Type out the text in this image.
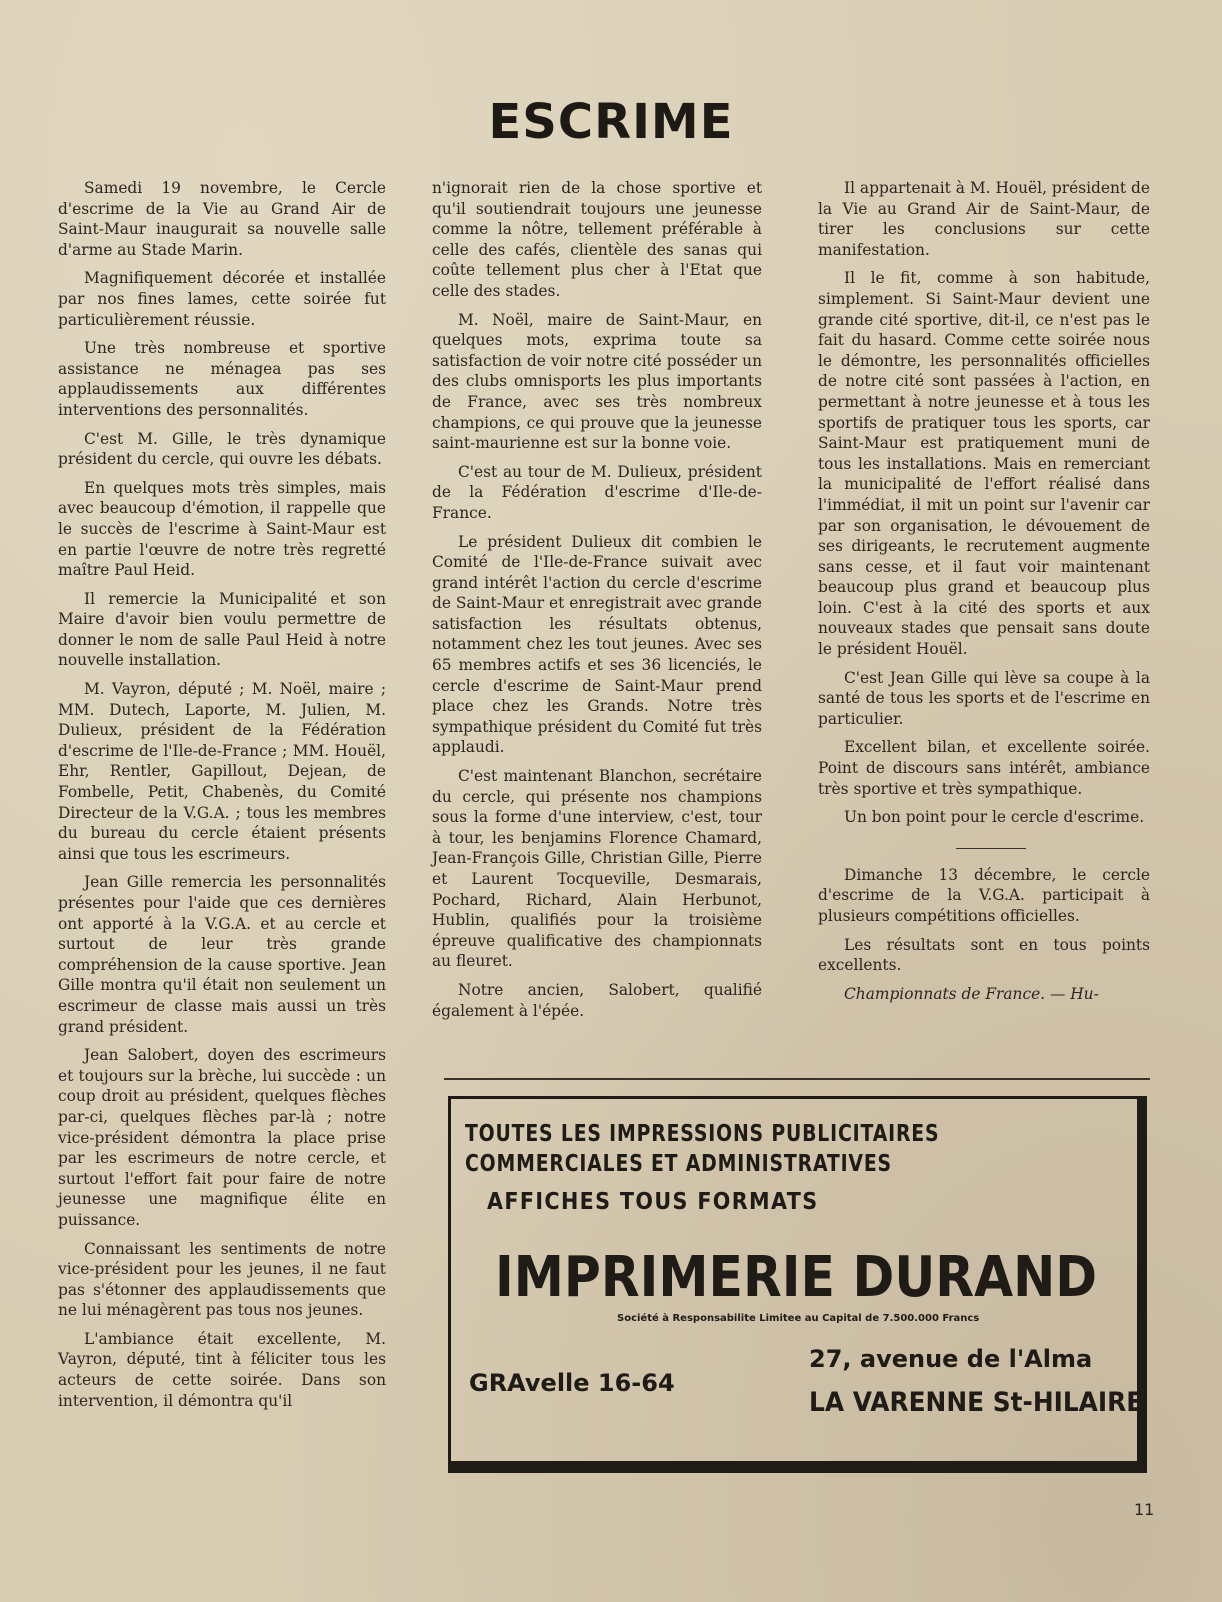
ESCRIME

Samedi 19 novembre, le Cercle d'escrime de la Vie au Grand Air de Saint-Maur inaugurait sa nouvelle salle d'arme au Stade Marin.

Magnifiquement décorée et installée par nos fines lames, cette soirée fut particulièrement réussie.

Une très nombreuse et sportive assistance ne ménagea pas ses applaudissements aux différentes interventions des personnalités.

C'est M. Gille, le très dynamique président du cercle, qui ouvre les débats.

En quelques mots très simples, mais avec beaucoup d'émotion, il rappelle que le succès de l'escrime à Saint-Maur est en partie l'œuvre de notre très regretté maître Paul Heid.

Il remercie la Municipalité et son Maire d'avoir bien voulu permettre de donner le nom de salle Paul Heid à notre nouvelle installation.

M. Vayron, député ; M. Noël, maire ; MM. Dutech, Laporte, M. Julien, M. Dulieux, président de la Fédération d'escrime de l'Ile-de-France ; MM. Houël, Ehr, Rentler, Gapillout, Dejean, de Fombelle, Petit, Chabenès, du Comité Directeur de la V.G.A. ; tous les membres du bureau du cercle étaient présents ainsi que tous les escrimeurs.

Jean Gille remercia les personnalités présentes pour l'aide que ces dernières ont apporté à la V.G.A. et au cercle et surtout de leur très grande compréhension de la cause sportive. Jean Gille montra qu'il était non seulement un escrimeur de classe mais aussi un très grand président.

Jean Salobert, doyen des escrimeurs et toujours sur la brèche, lui succède : un coup droit au président, quelques flèches par-ci, quelques flèches par-là ; notre vice-président démontra la place prise par les escrimeurs de notre cercle, et surtout l'effort fait pour faire de notre jeunesse une magnifique élite en puissance.

Connaissant les sentiments de notre vice-président pour les jeunes, il ne faut pas s'étonner des applaudissements que ne lui ménagèrent pas tous nos jeunes.

L'ambiance était excellente, M. Vayron, député, tint à féliciter tous les acteurs de cette soirée. Dans son intervention, il démontra qu'il

n'ignorait rien de la chose sportive et qu'il soutiendrait toujours une jeunesse comme la nôtre, tellement préférable à celle des cafés, clientèle des sanas qui coûte tellement plus cher à l'Etat que celle des stades.

M. Noël, maire de Saint-Maur, en quelques mots, exprima toute sa satisfaction de voir notre cité posséder un des clubs omnisports les plus importants de France, avec ses très nombreux champions, ce qui prouve que la jeunesse saint-maurienne est sur la bonne voie.

C'est au tour de M. Dulieux, président de la Fédération d'escrime d'Ile-de-France.

Le président Dulieux dit combien le Comité de l'Ile-de-France suivait avec grand intérêt l'action du cercle d'escrime de Saint-Maur et enregistrait avec grande satisfaction les résultats obtenus, notamment chez les tout jeunes. Avec ses 65 membres actifs et ses 36 licenciés, le cercle d'escrime de Saint-Maur prend place chez les Grands. Notre très sympathique président du Comité fut très applaudi.

C'est maintenant Blanchon, secrétaire du cercle, qui présente nos champions sous la forme d'une interview, c'est, tour à tour, les benjamins Florence Chamard, Jean-François Gille, Christian Gille, Pierre et Laurent Tocqueville, Desmarais, Pochard, Richard, Alain Herbunot, Hublin, qualifiés pour la troisième épreuve qualificative des championnats au fleuret.

Notre ancien, Salobert, qualifié également à l'épée.

Il appartenait à M. Houël, président de la Vie au Grand Air de Saint-Maur, de tirer les conclusions sur cette manifestation.

Il le fit, comme à son habitude, simplement. Si Saint-Maur devient une grande cité sportive, dit-il, ce n'est pas le fait du hasard. Comme cette soirée nous le démontre, les personnalités officielles de notre cité sont passées à l'action, en permettant à notre jeunesse et à tous les sportifs de pratiquer tous les sports, car Saint-Maur est pratiquement muni de tous les installations. Mais en remerciant la municipalité de l'effort réalisé dans l'immédiat, il mit un point sur l'avenir car par son organisation, le dévouement de ses dirigeants, le recrutement augmente sans cesse, et il faut voir maintenant beaucoup plus grand et beaucoup plus loin. C'est à la cité des sports et aux nouveaux stades que pensait sans doute le président Houël.

C'est Jean Gille qui lève sa coupe à la santé de tous les sports et de l'escrime en particulier.

Excellent bilan, et excellente soirée. Point de discours sans intérêt, ambiance très sportive et très sympathique.

Un bon point pour le cercle d'escrime.

Dimanche 13 décembre, le cercle d'escrime de la V.G.A. participait à plusieurs compétitions officielles.

Les résultats sont en tous points excellents.

Championnats de France. — Hu-

TOUTES LES IMPRESSIONS PUBLICITAIRES
COMMERCIALES ET ADMINISTRATIVES
AFFICHES TOUS FORMATS
IMPRIMERIE DURAND
Société à Responsabilite Limitee au Capital de 7.500.000 Francs
GRAvelle 16-64
27, avenue de l'Alma
LA VARENNE St-HILAIRE
11
